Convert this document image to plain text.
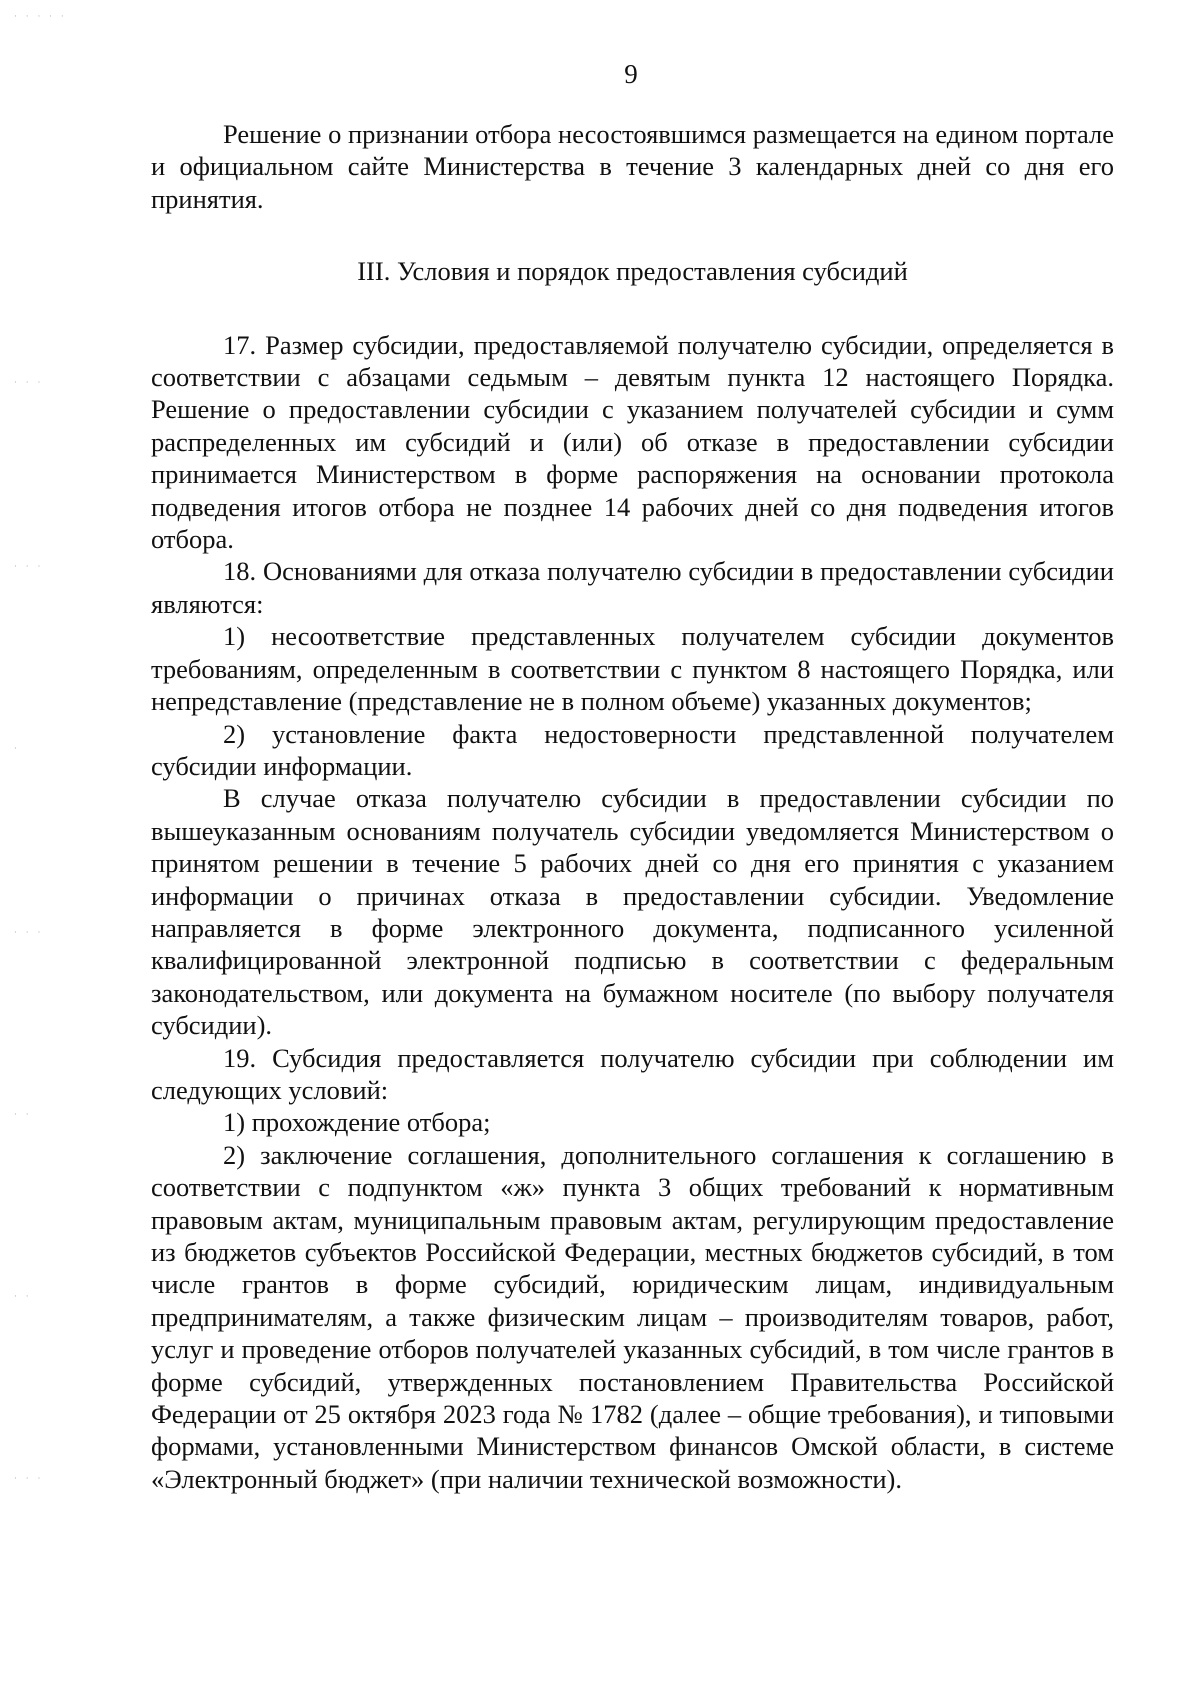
· · · · ·
· · ·
· · ·
·
· · ·
· ·
· ·
· · ·
9

Решение о признании отбора несостоявшимся размещается на едином портале и официальном сайте Министерства в течение 3 календарных дней со дня его принятия.

III. Условия и порядок предоставления субсидий

17. Размер субсидии, предоставляемой получателю субсидии, определяется в соответствии с абзацами седьмым – девятым пункта 12 настоящего Порядка. Решение о предоставлении субсидии с указанием получателей субсидии и сумм распределенных им субсидий и (или) об отказе в предоставлении субсидии принимается Министерством в форме распоряжения на основании протокола подведения итогов отбора не позднее 14 рабочих дней со дня подведения итогов отбора.

18. Основаниями для отказа получателю субсидии в предоставлении субсидии являются:

1) несоответствие представленных получателем субсидии документов требованиям, определенным в соответствии с пунктом 8 настоящего Порядка, или непредставление (представление не в полном объеме) указанных документов;

2) установление факта недостоверности представленной получателем субсидии информации.

В случае отказа получателю субсидии в предоставлении субсидии по вышеуказанным основаниям получатель субсидии уведомляется Министерством о принятом решении в течение 5 рабочих дней со дня его принятия с указанием информации о причинах отказа в предоставлении субсидии. Уведомление направляется в форме электронного документа, подписанного усиленной квалифицированной электронной подписью в соответствии с федеральным законодательством, или документа на бумажном носителе (по выбору получателя субсидии).

19. Субсидия предоставляется получателю субсидии при соблюдении им следующих условий:

1) прохождение отбора;

2) заключение соглашения, дополнительного соглашения к соглашению в соответствии с подпунктом «ж» пункта 3 общих требований к нормативным правовым актам, муниципальным правовым актам, регулирующим предоставление из бюджетов субъектов Российской Федерации, местных бюджетов субсидий, в том числе грантов в форме субсидий, юридическим лицам, индивидуальным предпринимателям, а также физическим лицам – производителям товаров, работ, услуг и проведение отборов получателей указанных субсидий, в том числе грантов в форме субсидий, утвержденных постановлением Правительства Российской Федерации от 25 октября 2023 года № 1782 (далее – общие требования), и типовыми формами, установленными Министерством финансов Омской области, в системе «Электронный бюджет» (при наличии технической возможности).
